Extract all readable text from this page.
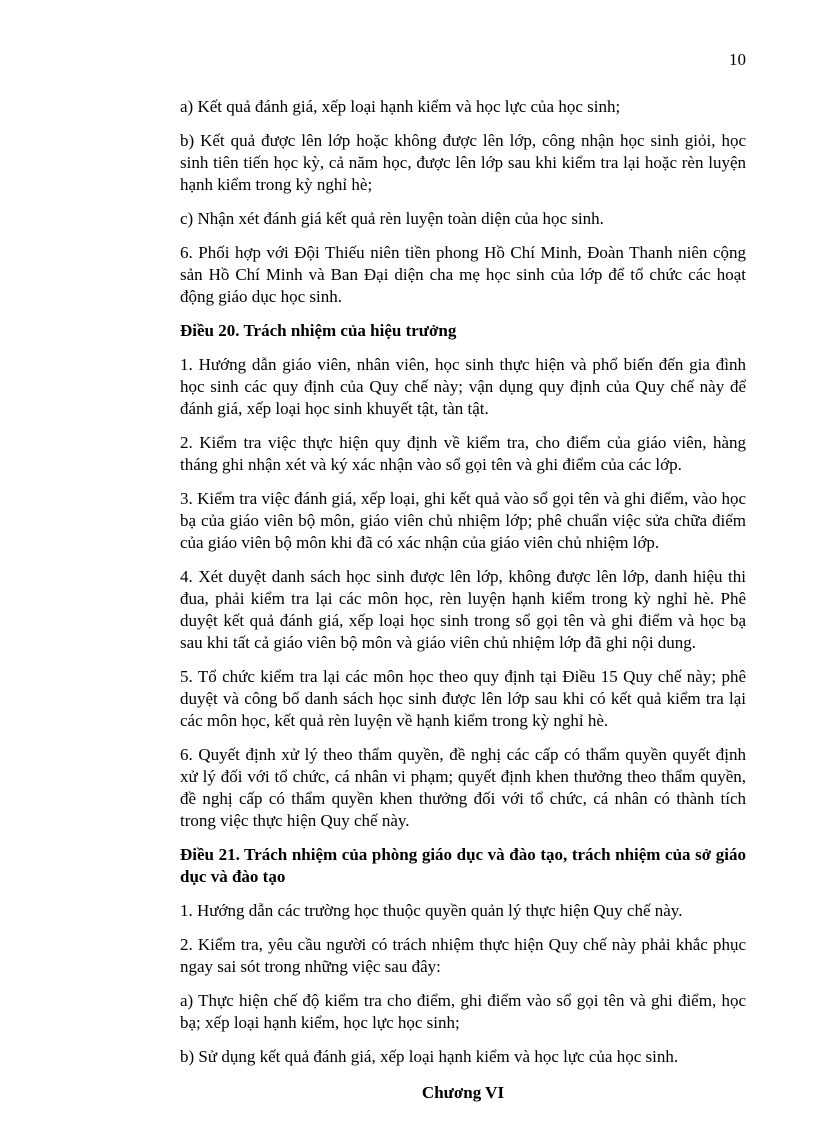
10

a) Kết quả đánh giá, xếp loại hạnh kiểm và học lực của học sinh;

b) Kết quả được lên lớp hoặc không được lên lớp, công nhận học sinh giỏi, học sinh tiên tiến học kỳ, cả năm học, được lên lớp sau khi kiểm tra lại hoặc rèn luyện hạnh kiểm trong kỳ nghỉ hè;

c) Nhận xét đánh giá kết quả rèn luyện toàn diện của học sinh.

6. Phối hợp với Đội Thiếu niên tiền phong Hồ Chí Minh, Đoàn Thanh niên cộng sản Hồ Chí Minh và Ban Đại diện cha mẹ học sinh của lớp để tổ chức các hoạt động giáo dục học sinh.

Điều 20. Trách nhiệm của hiệu trưởng

1. Hướng dẫn giáo viên, nhân viên, học sinh thực hiện và phổ biến đến gia đình học sinh các quy định của Quy chế này; vận dụng quy định của Quy chế này để đánh giá, xếp loại học sinh khuyết tật, tàn tật.

2. Kiểm tra việc thực hiện quy định về kiểm tra, cho điểm của giáo viên, hàng tháng ghi nhận xét và ký xác nhận vào sổ gọi tên và ghi điểm của các lớp.

3. Kiểm tra việc đánh giá, xếp loại, ghi kết quả vào sổ gọi tên và ghi điểm, vào học bạ của giáo viên bộ môn, giáo viên chủ nhiệm lớp; phê chuẩn việc sửa chữa điểm của giáo viên bộ môn khi đã có xác nhận của giáo viên chủ nhiệm lớp.

4. Xét duyệt danh sách học sinh được lên lớp, không được lên lớp, danh hiệu thi đua, phải kiểm tra lại các môn học, rèn luyện hạnh kiểm trong kỳ nghỉ hè. Phê duyệt kết quả đánh giá, xếp loại học sinh trong sổ gọi tên và ghi điểm và học bạ sau khi tất cả giáo viên bộ môn và giáo viên chủ nhiệm lớp đã ghi nội dung.

5. Tổ chức kiểm tra lại các môn học theo quy định tại Điều 15 Quy chế này; phê duyệt và công bố danh sách học sinh được lên lớp sau khi có kết quả kiểm tra lại các môn học, kết quả rèn luyện về hạnh kiểm trong kỳ nghỉ hè.

6. Quyết định xử lý theo thẩm quyền, đề nghị các cấp có thẩm quyền quyết định xử lý đối với tổ chức, cá nhân vi phạm; quyết định khen thưởng theo thẩm quyền, đề nghị cấp có thẩm quyền khen thưởng đối với tổ chức, cá nhân có thành tích trong việc thực hiện Quy chế này.

Điều 21. Trách nhiệm của phòng giáo dục và đào tạo, trách nhiệm của sở giáo dục và đào tạo

1. Hướng dẫn các trường học thuộc quyền quản lý thực hiện Quy chế này.

2. Kiểm tra, yêu cầu người có trách nhiệm thực hiện Quy chế này phải khắc phục ngay sai sót trong những việc sau đây:

a) Thực hiện chế độ kiểm tra cho điểm, ghi điểm vào sổ gọi tên và ghi điểm, học bạ; xếp loại hạnh kiểm, học lực học sinh;

b) Sử dụng kết quả đánh giá, xếp loại hạnh kiểm và học lực của học sinh.

Chương VI
